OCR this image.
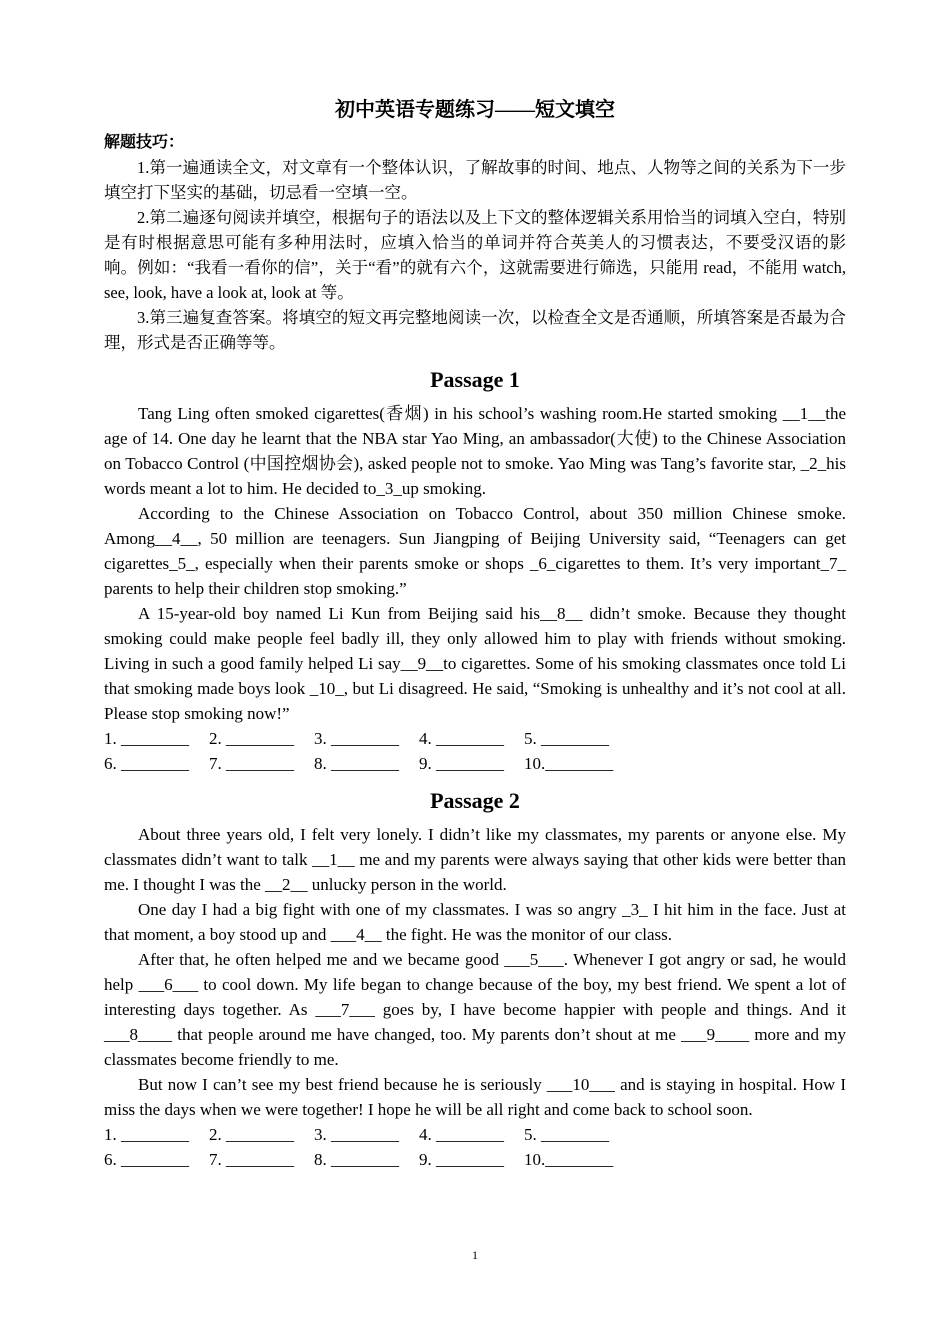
初中英语专题练习——短文填空
解题技巧：

1.第一遍通读全文，对文章有一个整体认识，了解故事的时间、地点、人物等之间的关系为下一步填空打下坚实的基础，切忌看一空填一空。

2.第二遍逐句阅读并填空，根据句子的语法以及上下文的整体逻辑关系用恰当的词填入空白，特别是有时根据意思可能有多种用法时，应填入恰当的单词并符合英美人的习惯表达，不要受汉语的影响。例如：“我看一看你的信”，关于“看”的就有六个，这就需要进行筛选，只能用 read，不能用 watch, see, look, have a look at, look at 等。

3.第三遍复查答案。将填空的短文再完整地阅读一次，以检查全文是否通顺，所填答案是否最为合理，形式是否正确等等。

Passage 1

Tang Ling often smoked cigarettes(香烟) in his school’s washing room.He started smoking __1__the age of 14. One day he learnt that the NBA star Yao Ming, an ambassador(大使) to the Chinese Association on Tobacco Control (中国控烟协会), asked people not to smoke. Yao Ming was Tang’s favorite star, _2_his words meant a lot to him. He decided to_3_up smoking.

According to the Chinese Association on Tobacco Control, about 350 million Chinese smoke. Among__4__, 50 million are teenagers. Sun Jiangping of Beijing University said, “Teenagers can get cigarettes_5_, especially when their parents smoke or shops _6_cigarettes to them. It’s very important_7_ parents to help their children stop smoking.”

A 15-year-old boy named Li Kun from Beijing said his__8__ didn’t smoke. Because they thought smoking could make people feel badly ill, they only allowed him to play with friends without smoking. Living in such a good family helped Li say__9__to cigarettes. Some of his smoking classmates once told Li that smoking made boys look _10_, but Li disagreed. He said, “Smoking is unhealthy and it’s not cool at all. Please stop smoking now!”

1. ________ 2. ________ 3. ________ 4. ________ 5. ________
6. ________ 7. ________ 8. ________ 9. ________ 10.________
Passage 2

About three years old, I felt very lonely. I didn’t like my classmates, my parents or anyone else. My classmates didn’t want to talk __1__ me and my parents were always saying that other kids were better than me. I thought I was the __2__ unlucky person in the world.

One day I had a big fight with one of my classmates. I was so angry _3_ I hit him in the face. Just at that moment, a boy stood up and ___4__ the fight. He was the monitor of our class.

After that, he often helped me and we became good ___5___. Whenever I got angry or sad, he would help ___6___ to cool down. My life began to change because of the boy, my best friend. We spent a lot of interesting days together. As ___7___ goes by, I have become happier with people and things. And it ___8____ that people around me have changed, too. My parents don’t shout at me ___9____ more and my classmates become friendly to me.

But now I can’t see my best friend because he is seriously ___10___ and is staying in hospital. How I miss the days when we were together! I hope he will be all right and come back to school soon.

1. ________ 2. ________ 3. ________ 4. ________ 5. ________
6. ________ 7. ________ 8. ________ 9. ________ 10.________
1
